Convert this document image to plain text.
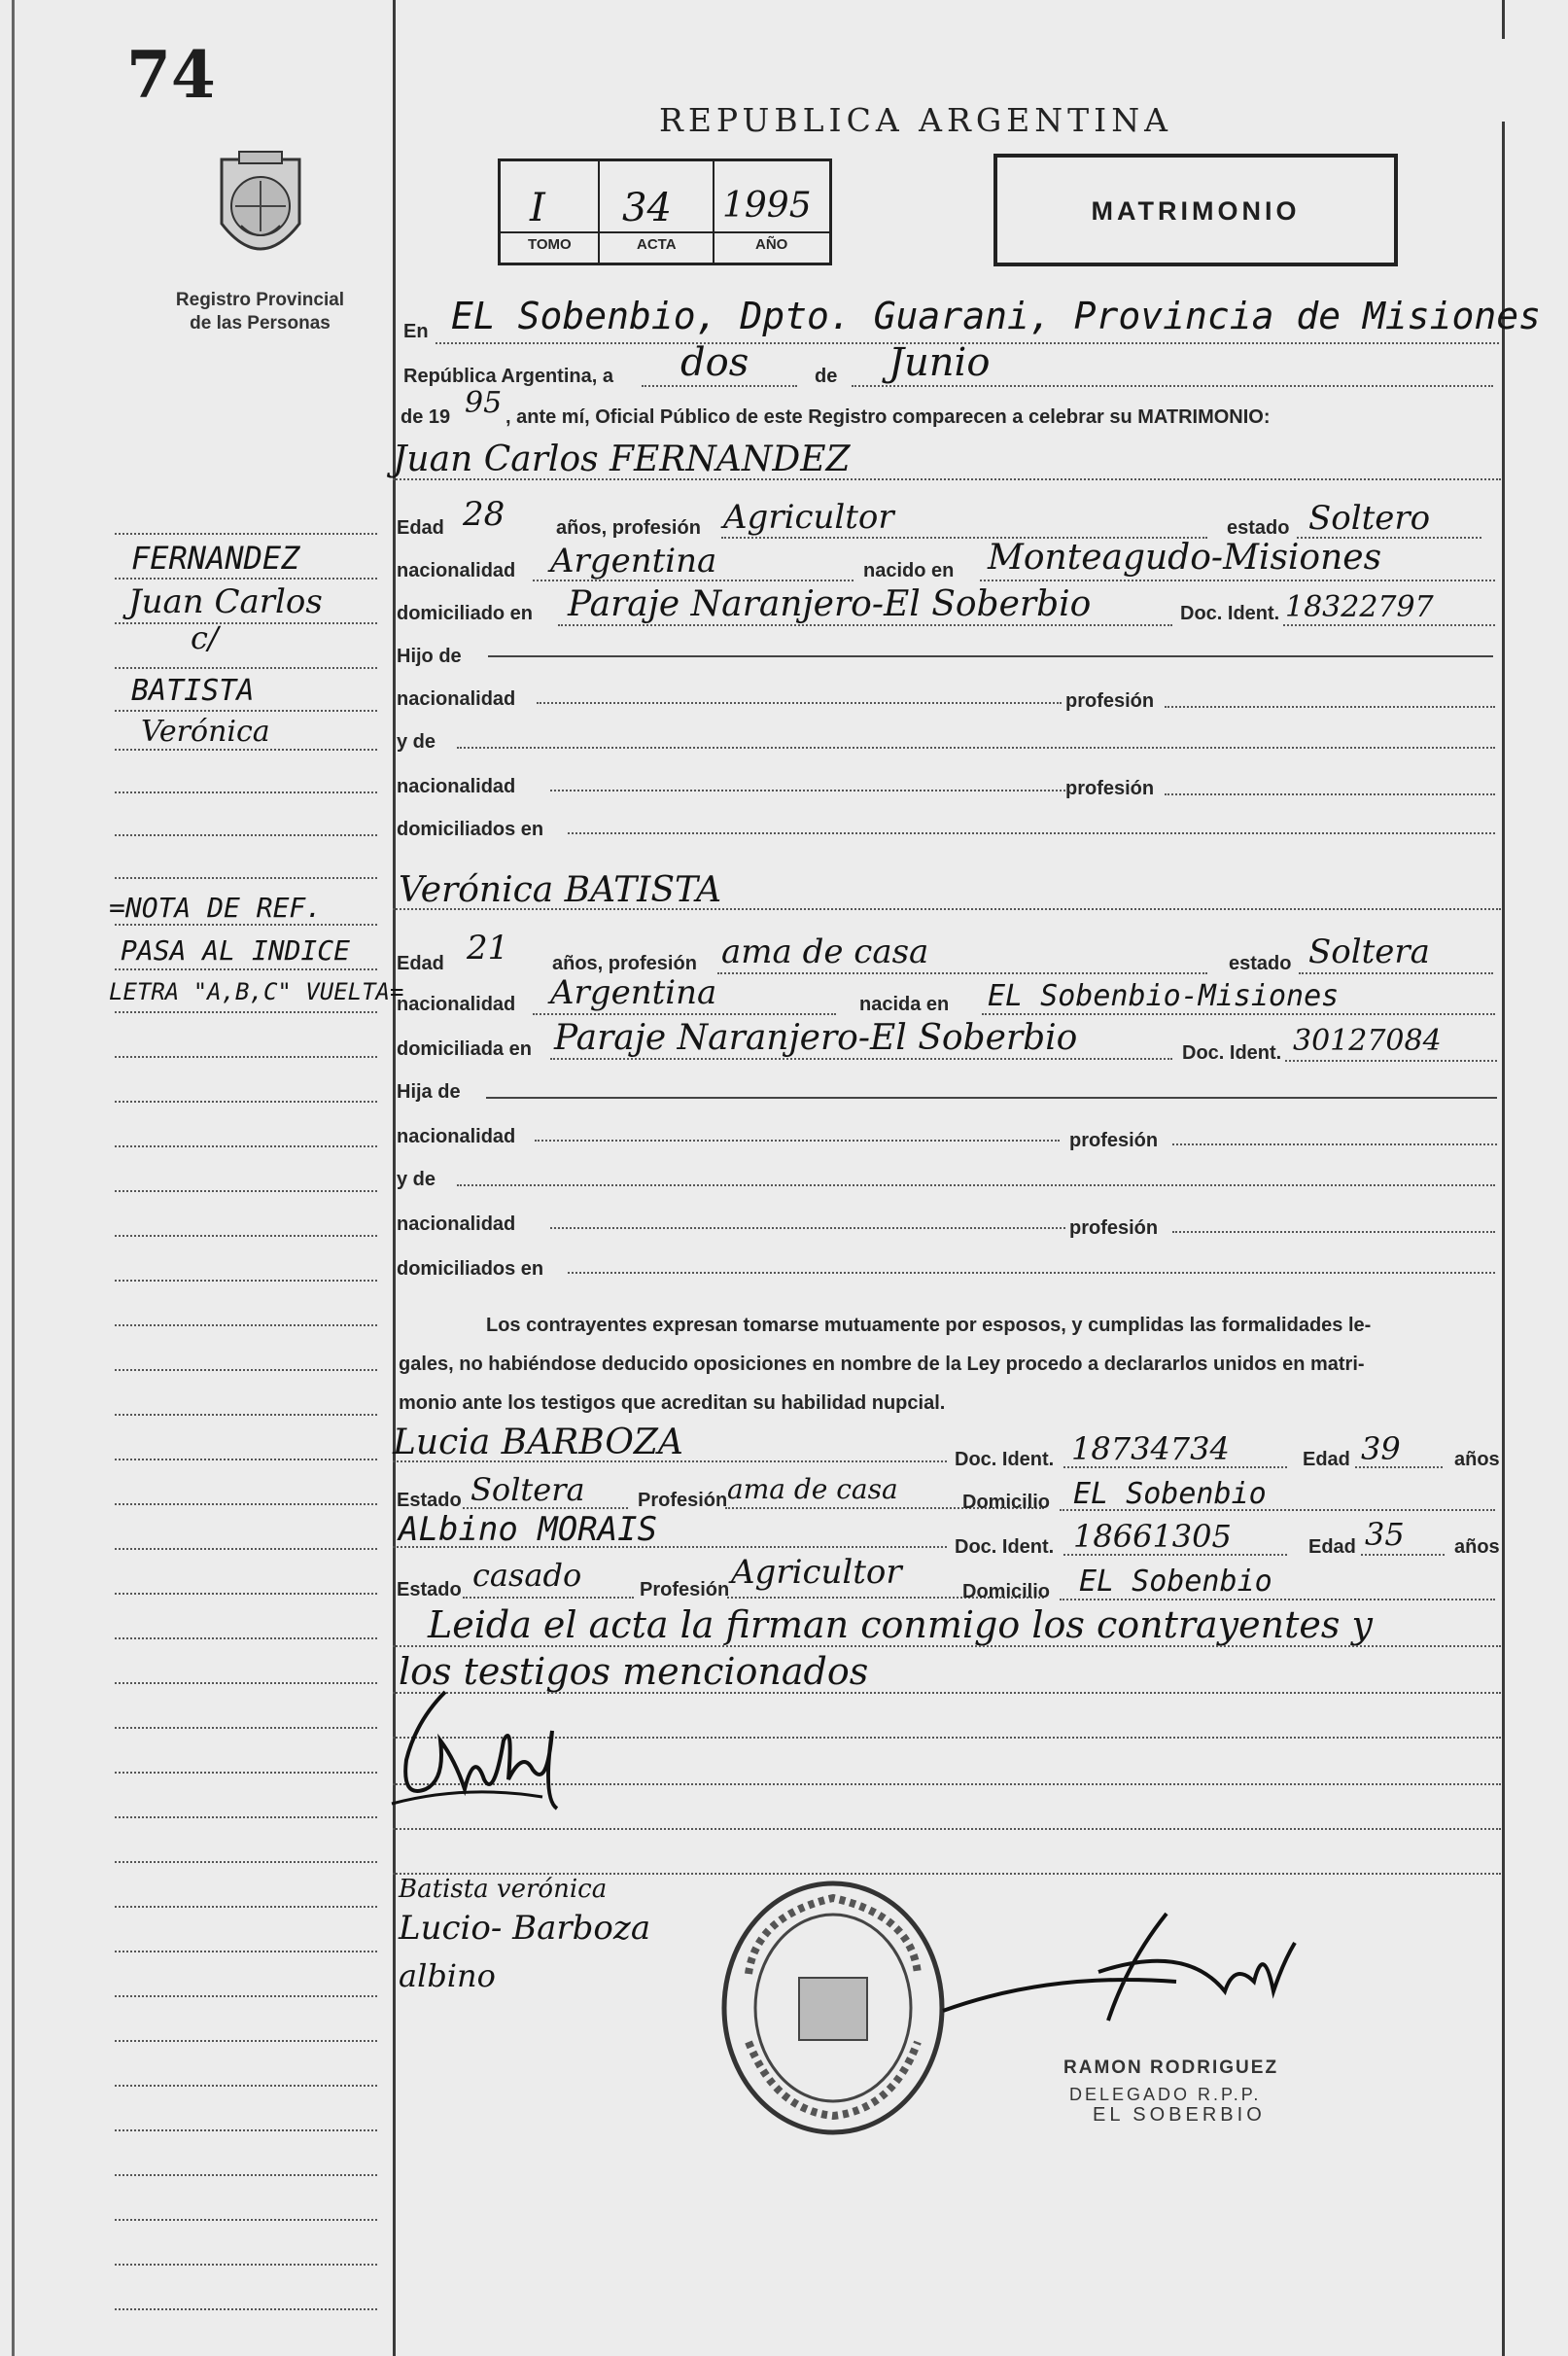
74
Registro Provincial
de las Personas
REPUBLICA ARGENTINA
I 34 1995
TOMO	ACTA	AÑO
MATRIMONIO
En EL Sobenbio, Dpto. Guarani, Provincia de Misiones
República Argentina, a dos	de Junio
de 19 95 , ante mí, Oficial Público de este Registro comparecen a celebrar su MATRIMONIO:
Juan Carlos FERNANDEZ
Edad 28	años, profesión Agricultor	estado Soltero
nacionalidad Argentina	nacido en Monteagudo-Misiones
domiciliado en Paraje Naranjero-El Soberbio	Doc. Ident. 18322797
Hijo de
nacionalidad	profesión
y de
nacionalidad	profesión
domiciliados en
Verónica BATISTA
Edad 21 años, profesión ama de casa	estado Soltera
nacionalidad Argentina	nacida en EL Sobenbio-Misiones
domiciliada en Paraje Naranjero-El Soberbio	Doc. Ident. 30127084
Hija de
nacionalidad	profesión
y de
nacionalidad	profesión
domiciliados en
Los contrayentes expresan tomarse mutuamente por esposos, y cumplidas las formalidades le-
gales, no habiéndose deducido oposiciones en nombre de la Ley procedo a declararlos unidos en matri-
monio ante los testigos que acreditan su habilidad nupcial.
Lucia BARBOZA	Doc. Ident. 18734734	Edad 39	años
Estado Soltera	Profesión ama de casa	Domicilio EL Sobenbio
ALbino MORAIS	Doc. Ident. 18661305	Edad 35	años
Estado casado	Profesión Agricultor	Domicilio EL Sobenbio
Leida el acta la firman conmigo los contrayentes y
los testigos mencionados
Batista verónica
Lucio- Barboza
albino
RAMON RODRIGUEZ
DELEGADO R.P.P.
EL SOBERBIO
FERNANDEZ
Juan Carlos
c/
BATISTA
Verónica
=NOTA DE REF.
PASA AL INDICE
LETRA "A,B,C" VUELTA=
